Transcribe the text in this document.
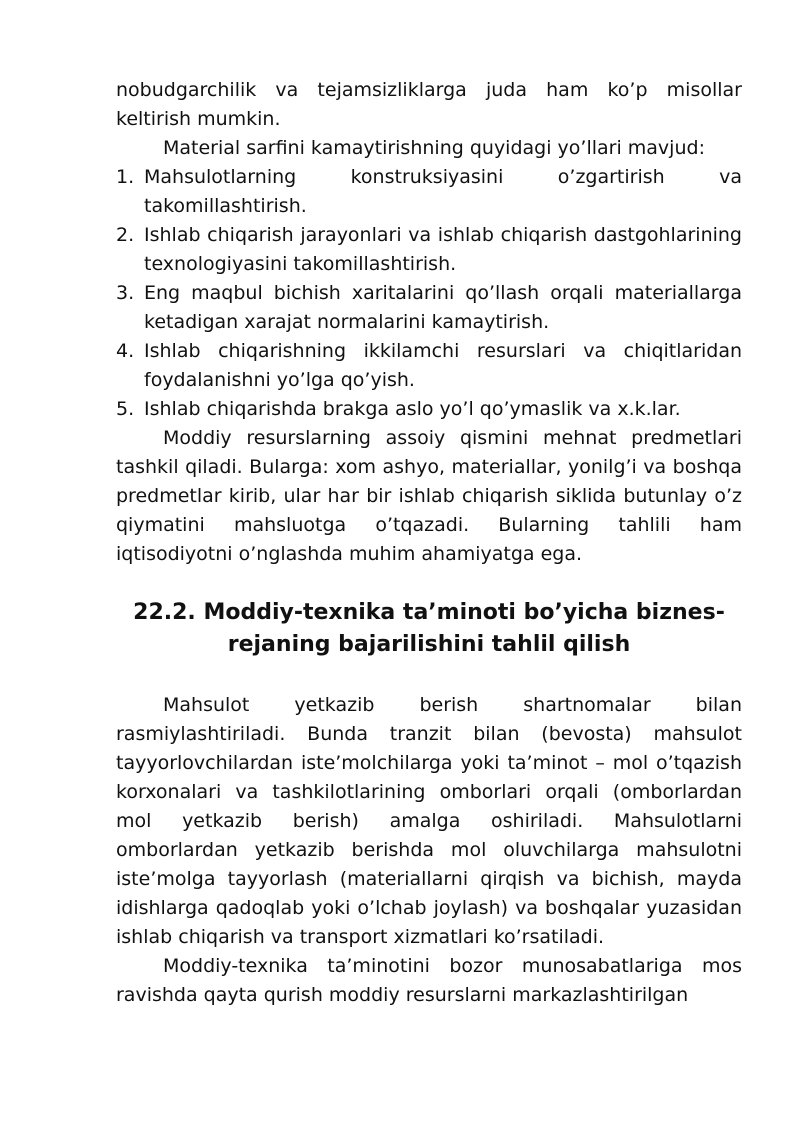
nobudgarchilik va tejamsizliklarga juda ham ko’p misollar keltirish mumkin.

Material sarfini kamaytirishning quyidagi yo’llari mavjud:

1. Mahsulotlarning konstruksiyasini o’zgartirish va takomillashtirish.
2. Ishlab chiqarish jarayonlari va ishlab chiqarish dastgohlarining texnologiyasini takomillashtirish.
3. Eng maqbul bichish xaritalarini qo’llash orqali materiallarga ketadigan xarajat normalarini kamaytirish.
4. Ishlab chiqarishning ikkilamchi resurslari va chiqitlaridan foydalanishni yo’lga qo’yish.
5. Ishlab chiqarishda brakga aslo yo’l qo’ymaslik va x.k.lar.

Moddiy resurslarning assoiy qismini mehnat predmetlari tashkil qiladi. Bularga: xom ashyo, materiallar, yonilg’i va boshqa predmetlar kirib, ular har bir ishlab chiqarish siklida butunlay o’z qiymatini mahsluotga o’tqazadi. Bularning tahlili ham iqtisodiyotni o’nglashda muhim ahamiyatga ega.

22.2. Moddiy-texnika ta’minoti bo’yicha biznes-rejaning bajarilishini tahlil qilish

Mahsulot yetkazib berish shartnomalar bilan rasmiylashtiriladi. Bunda tranzit bilan (bevosta) mahsulot tayyorlovchilardan iste’molchilarga yoki ta’minot – mol o’tqazish korxonalari va tashkilotlarining omborlari orqali (omborlardan mol yetkazib berish) amalga oshiriladi. Mahsulotlarni omborlardan yetkazib berishda mol oluvchilarga mahsulotni iste’molga tayyorlash (materiallarni qirqish va bichish, mayda idishlarga qadoqlab yoki o’lchab joylash) va boshqalar yuzasidan ishlab chiqarish va transport xizmatlari ko’rsatiladi.

Moddiy-texnika ta’minotini bozor munosabatlariga mos ravishda qayta qurish moddiy resurslarni markazlashtirilgan
